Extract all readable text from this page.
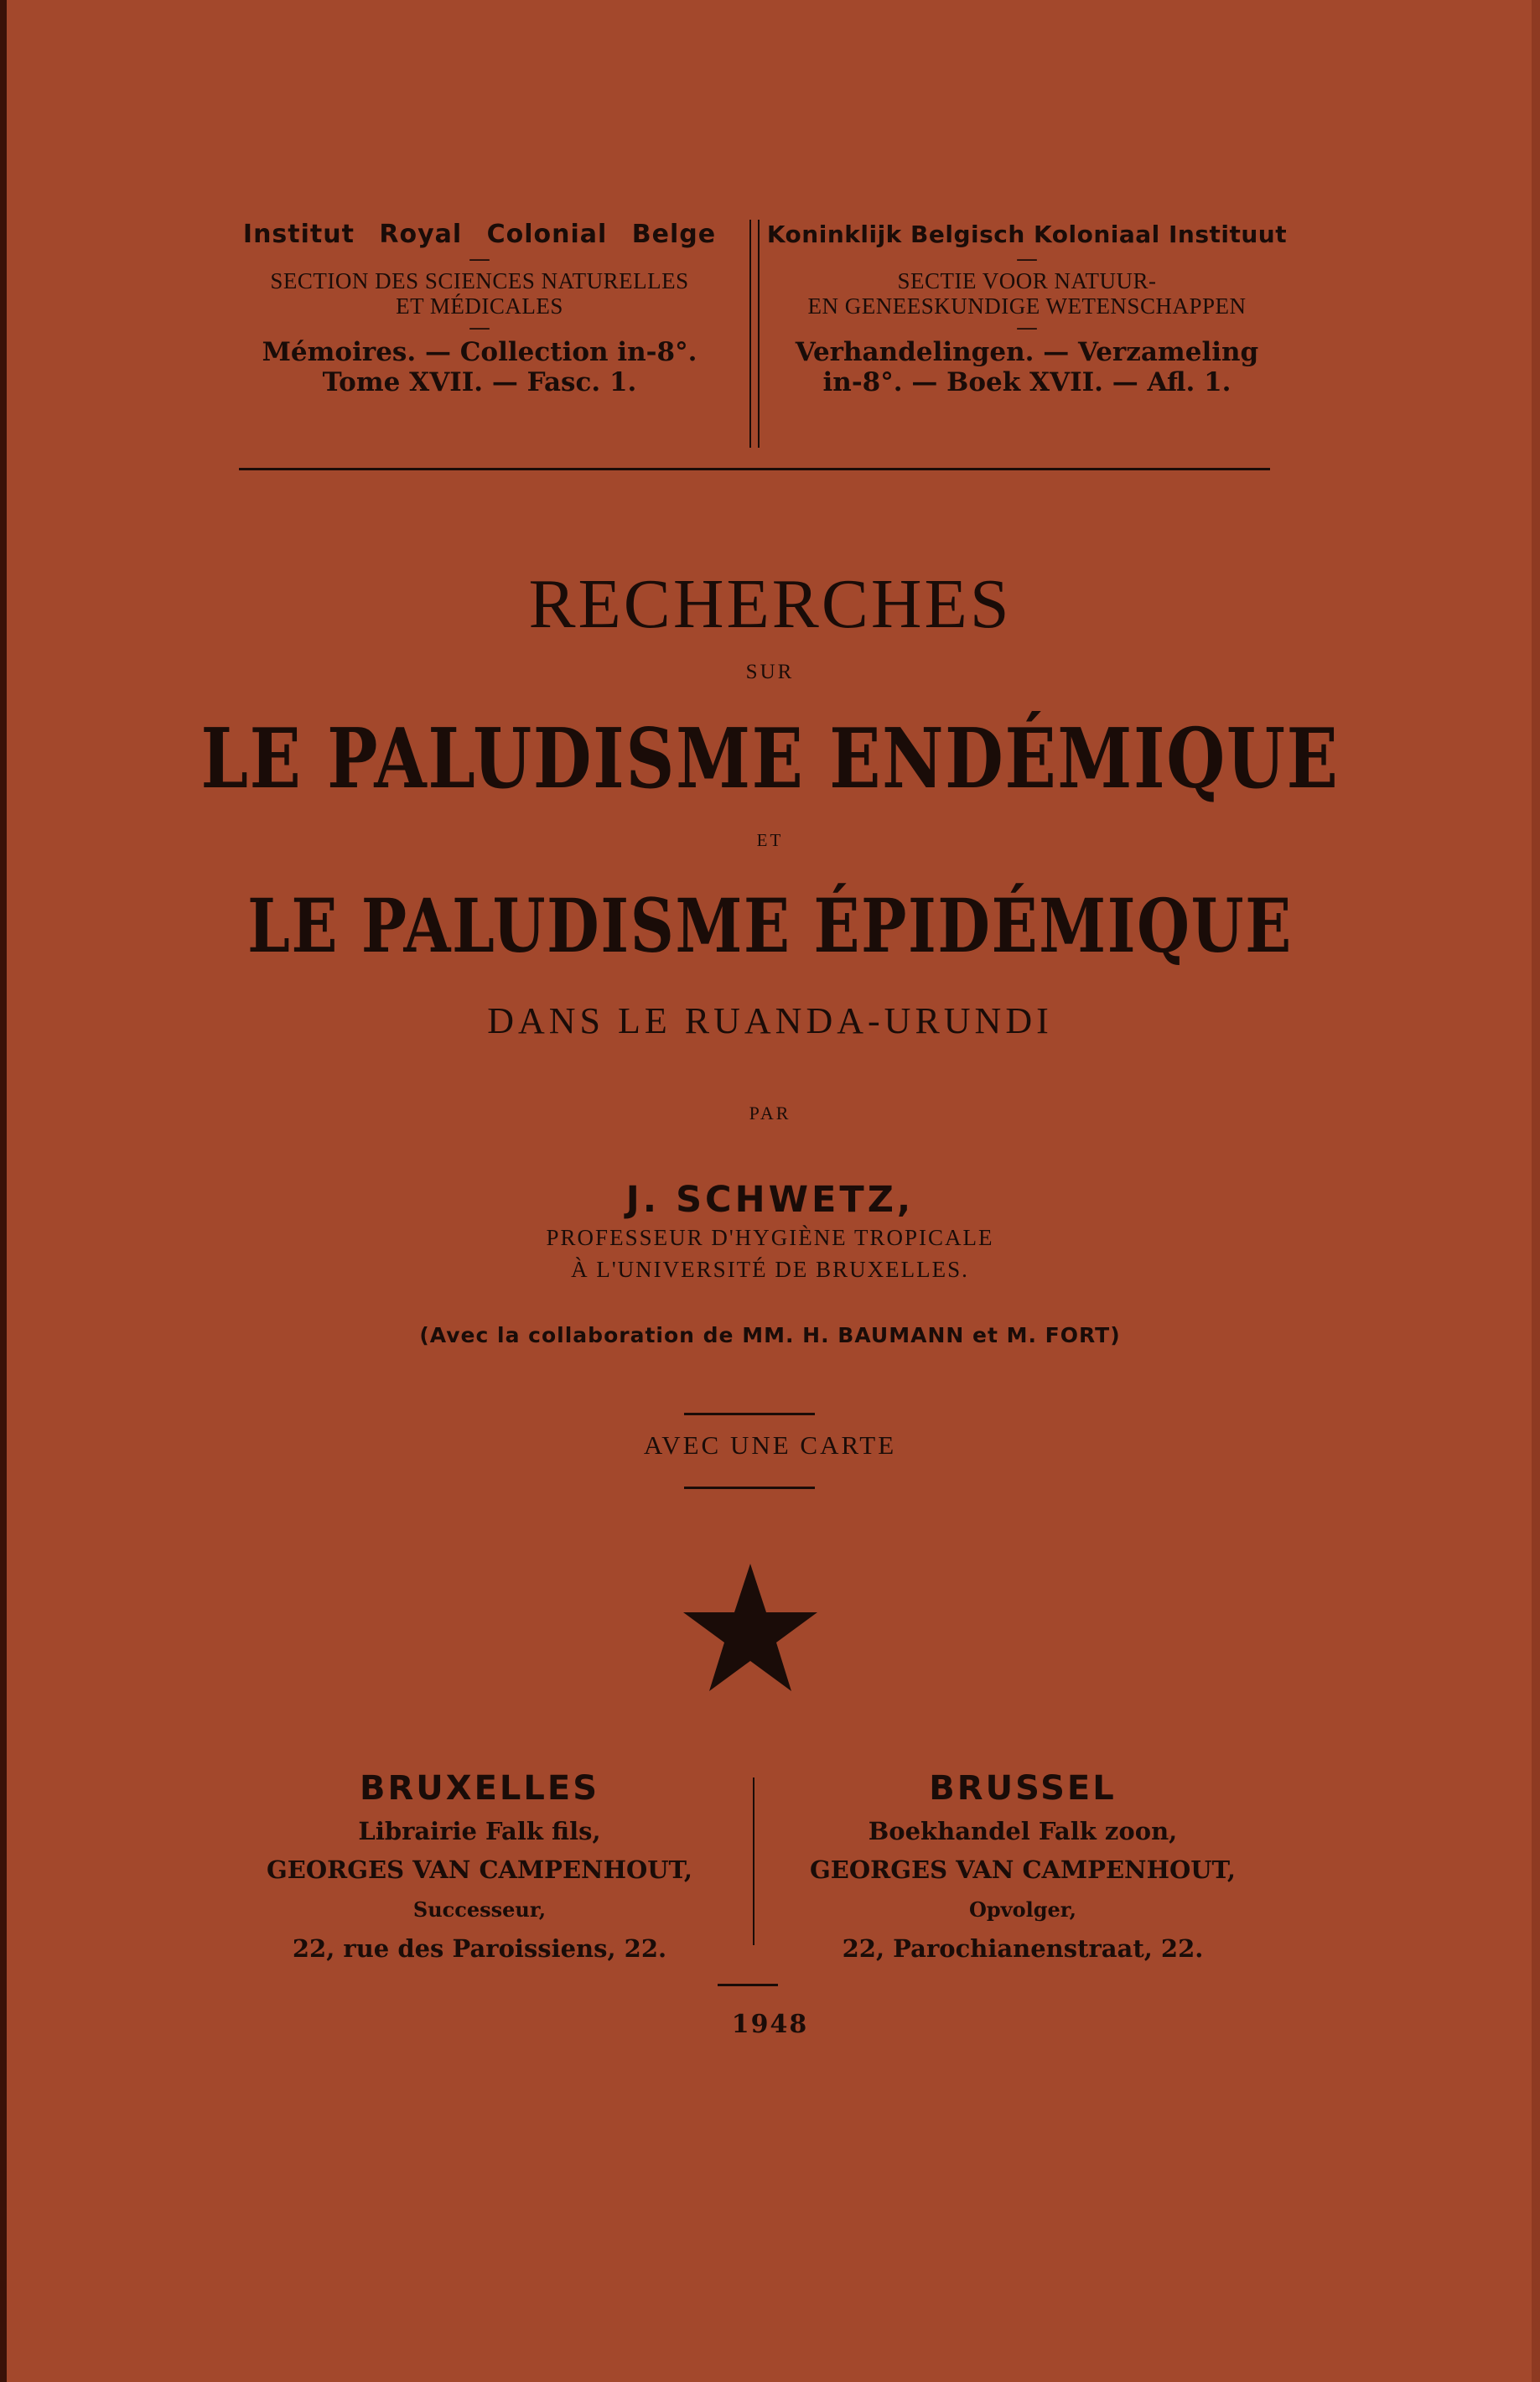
Institut Royal Colonial Belge
—
SECTION DES SCIENCES NATURELLES
ET MÉDICALES
—
Mémoires. — Collection in-8°.
Tome XVII. — Fasc. 1.
Koninklijk Belgisch Koloniaal Instituut
—
SECTIE VOOR NATUUR-
EN GENEESKUNDIGE WETENSCHAPPEN
—
Verhandelingen. — Verzameling
in-8°. — Boek XVII. — Afl. 1.
RECHERCHES
SUR
LE PALUDISME ENDÉMIQUE
ET
LE PALUDISME ÉPIDÉMIQUE
DANS LE RUANDA-URUNDI
PAR
J. SCHWETZ,
PROFESSEUR D'HYGIÈNE TROPICALE
À L'UNIVERSITÉ DE BRUXELLES.
(Avec la collaboration de MM. H. BAUMANN et M. FORT)
AVEC UNE CARTE
BRUXELLES
Librairie Falk fils,
GEORGES VAN CAMPENHOUT, Successeur,
22, rue des Paroissiens, 22.
BRUSSEL
Boekhandel Falk zoon,
GEORGES VAN CAMPENHOUT, Opvolger,
22, Parochianenstraat, 22.
1948
